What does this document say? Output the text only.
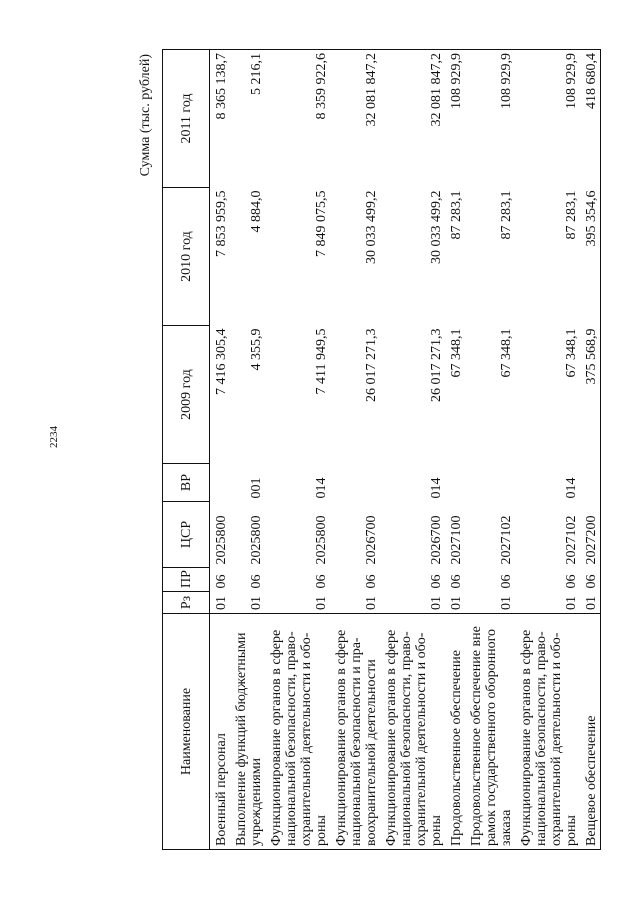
2234
Сумма (тыс. рублей)
Наименование	Рз	ПР	ЦСР	ВР	2009 год	2010 год	2011 год
Военный персонал	01	06	2025800		7 416 305,4	7 853 959,5	8 365 138,7
Выполнение функций бюджетными учреждениями	01	06	2025800	001	4 355,9	4 884,0	5 216,1
Функционирование органов в сфере национальной безопасности, право-охранительной деятельности и обо-роны	01	06	2025800	014	7 411 949,5	7 849 075,5	8 359 922,6
Функционирование органов в сфере национальной безопасности и пра-воохранительной деятельности	01	06	2026700		26 017 271,3	30 033 499,2	32 081 847,2
Функционирование органов в сфере национальной безопасности, право-охранительной деятельности и обо-роны	01	06	2026700	014	26 017 271,3	30 033 499,2	32 081 847,2
Продовольственное обеспечение	01	06	2027100		67 348,1	87 283,1	108 929,9
Продовольственное обеспечение вне рамок государственного оборонного заказа	01	06	2027102		67 348,1	87 283,1	108 929,9
Функционирование органов в сфере национальной безопасности, право-охранительной деятельности и обо-роны	01	06	2027102	014	67 348,1	87 283,1	108 929,9
Вещевое обеспечение	01	06	2027200		375 568,9	395 354,6	418 680,4
